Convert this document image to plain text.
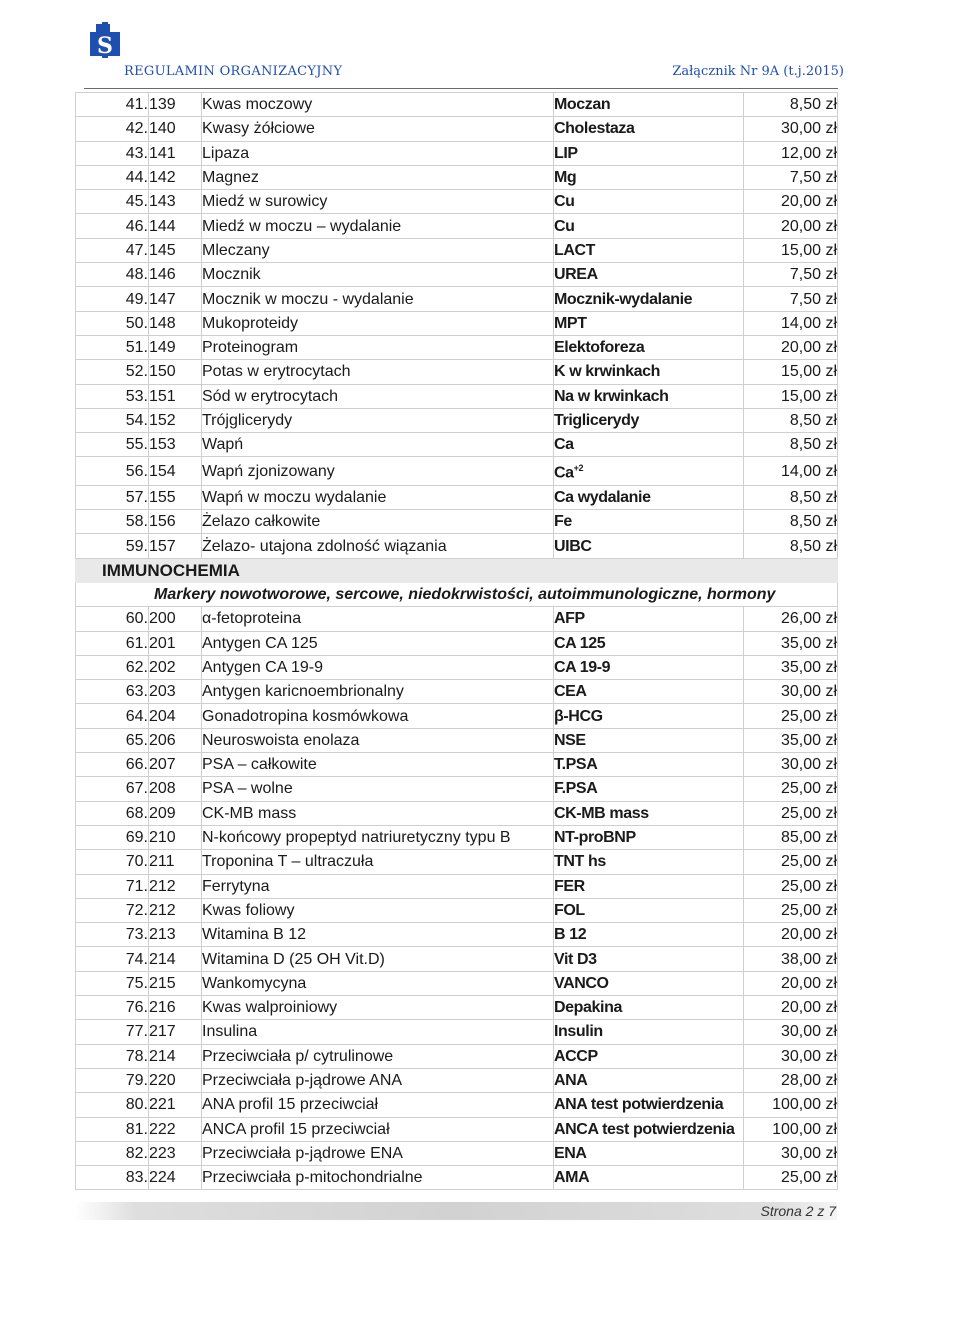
S
REGULAMIN ORGANIZACYJNY	Załącznik Nr 9A (t.j.2015)
41.	139	Kwas moczowy	Moczan	8,50 zł
42.	140	Kwasy żółciowe	Cholestaza	30,00 zł
43.	141	Lipaza	LIP	12,00 zł
44.	142	Magnez	Mg	7,50 zł
45.	143	Miedź w surowicy	Cu	20,00 zł
46.	144	Miedź w moczu – wydalanie	Cu	20,00 zł
47.	145	Mleczany	LACT	15,00 zł
48.	146	Mocznik	UREA	7,50 zł
49.	147	Mocznik w moczu - wydalanie	Mocznik-wydalanie	7,50 zł
50.	148	Mukoproteidy	MPT	14,00 zł
51.	149	Proteinogram	Elektoforeza	20,00 zł
52.	150	Potas w erytrocytach	K w krwinkach	15,00 zł
53.	151	Sód w erytrocytach	Na w krwinkach	15,00 zł
54.	152	Trójglicerydy	Triglicerydy	8,50 zł
55.	153	Wapń	Ca	8,50 zł
56.	154	Wapń zjonizowany	$Ca^{+2}$	14,00 zł
57.	155	Wapń w moczu wydalanie	Ca wydalanie	8,50 zł
58.	156	Żelazo całkowite	Fe	8,50 zł
59.	157	Żelazo- utajona zdolność wiązania	UIBC	8,50 zł
IMMUNOCHEMIA				
Markery nowotworowe, sercowe, niedokrwistości, autoimmunologiczne, hormony				
60.	200	α-fetoproteina	AFP	26,00 zł
61.	201	Antygen CA 125	CA 125	35,00 zł
62.	202	Antygen CA 19-9	CA 19-9	35,00 zł
63.	203	Antygen karicnoembrionalny	CEA	30,00 zł
64.	204	Gonadotropina kosmówkowa	β-HCG	25,00 zł
65.	206	Neuroswoista enolaza	NSE	35,00 zł
66.	207	PSA – całkowite	T.PSA	30,00 zł
67.	208	PSA – wolne	F.PSA	25,00 zł
68.	209	CK-MB mass	CK-MB mass	25,00 zł
69.	210	N-końcowy propeptyd natriuretyczny typu B	NT-proBNP	85,00 zł
70.	211	Troponina T – ultraczuła	TNT hs	25,00 zł
71.	212	Ferrytyna	FER	25,00 zł
72.	212	Kwas foliowy	FOL	25,00 zł
73.	213	Witamina B 12	B 12	20,00 zł
74.	214	Witamina D (25 OH Vit.D)	Vit D3	38,00 zł
75.	215	Wankomycyna	VANCO	20,00 zł
76.	216	Kwas walproiniowy	Depakina	20,00 zł
77.	217	Insulina	Insulin	30,00 zł
78.	214	Przeciwciała p/ cytrulinowe	ACCP	30,00 zł
79.	220	Przeciwciała p-jądrowe ANA	ANA	28,00 zł
80.	221	ANA profil 15 przeciwciał	ANA test potwierdzenia	100,00 zł
81.	222	ANCA profil 15 przeciwciał	ANCA test potwierdzenia	100,00 zł
82.	223	Przeciwciała p-jądrowe ENA	ENA	30,00 zł
83.	224	Przeciwciała p-mitochondrialne	AMA	25,00 zł
Strona 2 z 7
